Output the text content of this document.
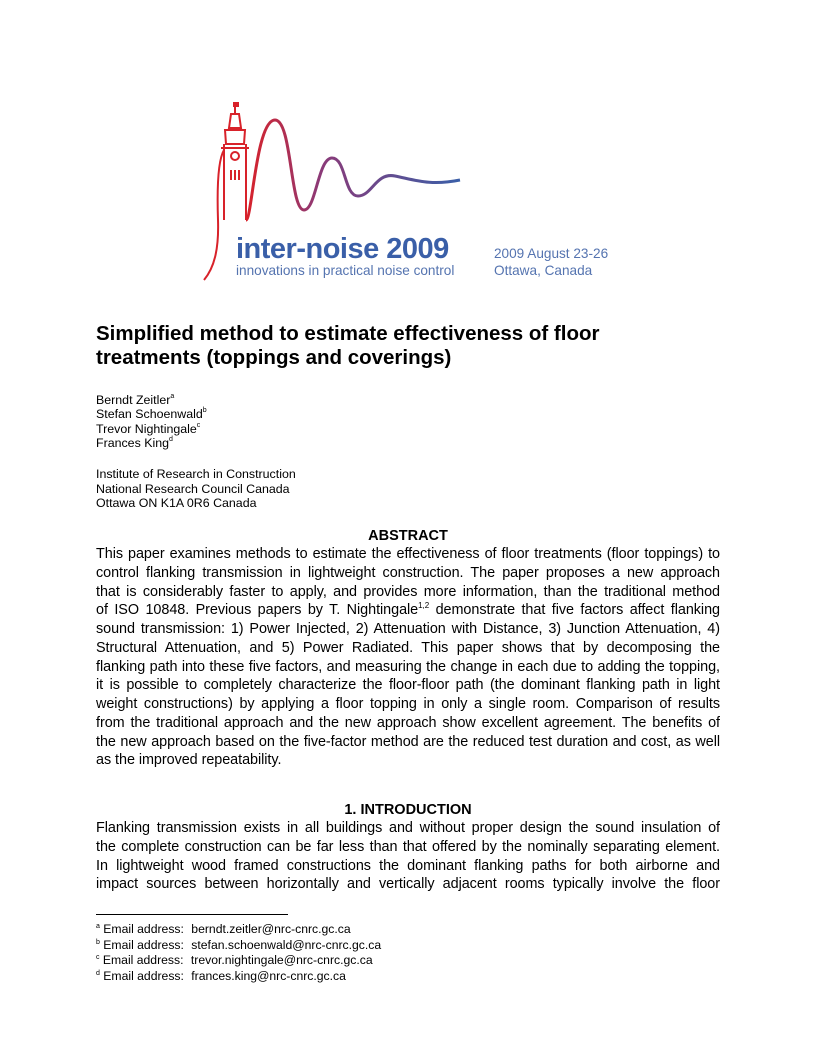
inter-noise 2009
innovations in practical noise control
2009 August 23-26
Ottawa, Canada
Simplified method to estimate effectiveness of floor
treatments (toppings and coverings)
Berndt Zeitler$^a$
Stefan Schoenwald$^b$
Trevor Nightingale$^c$
Frances King$^d$
Institute of Research in Construction
National Research Council Canada
Ottawa ON K1A 0R6 Canada
ABSTRACT
This paper examines methods to estimate the effectiveness of floor treatments (floor toppings) to
control flanking transmission in lightweight construction. The paper proposes a new approach
that is considerably faster to apply, and provides more information, than the traditional method
of ISO 10848. Previous papers by T. Nightingale$^{1,2}$ demonstrate that five factors affect flanking
sound transmission: 1) Power Injected, 2) Attenuation with Distance, 3) Junction Attenuation, 4)
Structural Attenuation, and 5) Power Radiated. This paper shows that by decomposing the
flanking path into these five factors, and measuring the change in each due to adding the topping,
it is possible to completely characterize the floor-floor path (the dominant flanking path in light
weight constructions) by applying a floor topping in only a single room. Comparison of results
from the traditional approach and the new approach show excellent agreement. The benefits of
the new approach based on the five-factor method are the reduced test duration and cost, as well
as the improved repeatability.
1. INTRODUCTION
Flanking transmission exists in all buildings and without proper design the sound insulation of
the complete construction can be far less than that offered by the nominally separating element.
In lightweight wood framed constructions the dominant flanking paths for both airborne and
impact sources between horizontally and vertically adjacent rooms typically involve the floor
$^a$ Email address: berndt.zeitler@nrc-cnrc.gc.ca
$^b$ Email address: stefan.schoenwald@nrc-cnrc.gc.ca
$^c$ Email address: trevor.nightingale@nrc-cnrc.gc.ca
$^d$ Email address: frances.king@nrc-cnrc.gc.ca
